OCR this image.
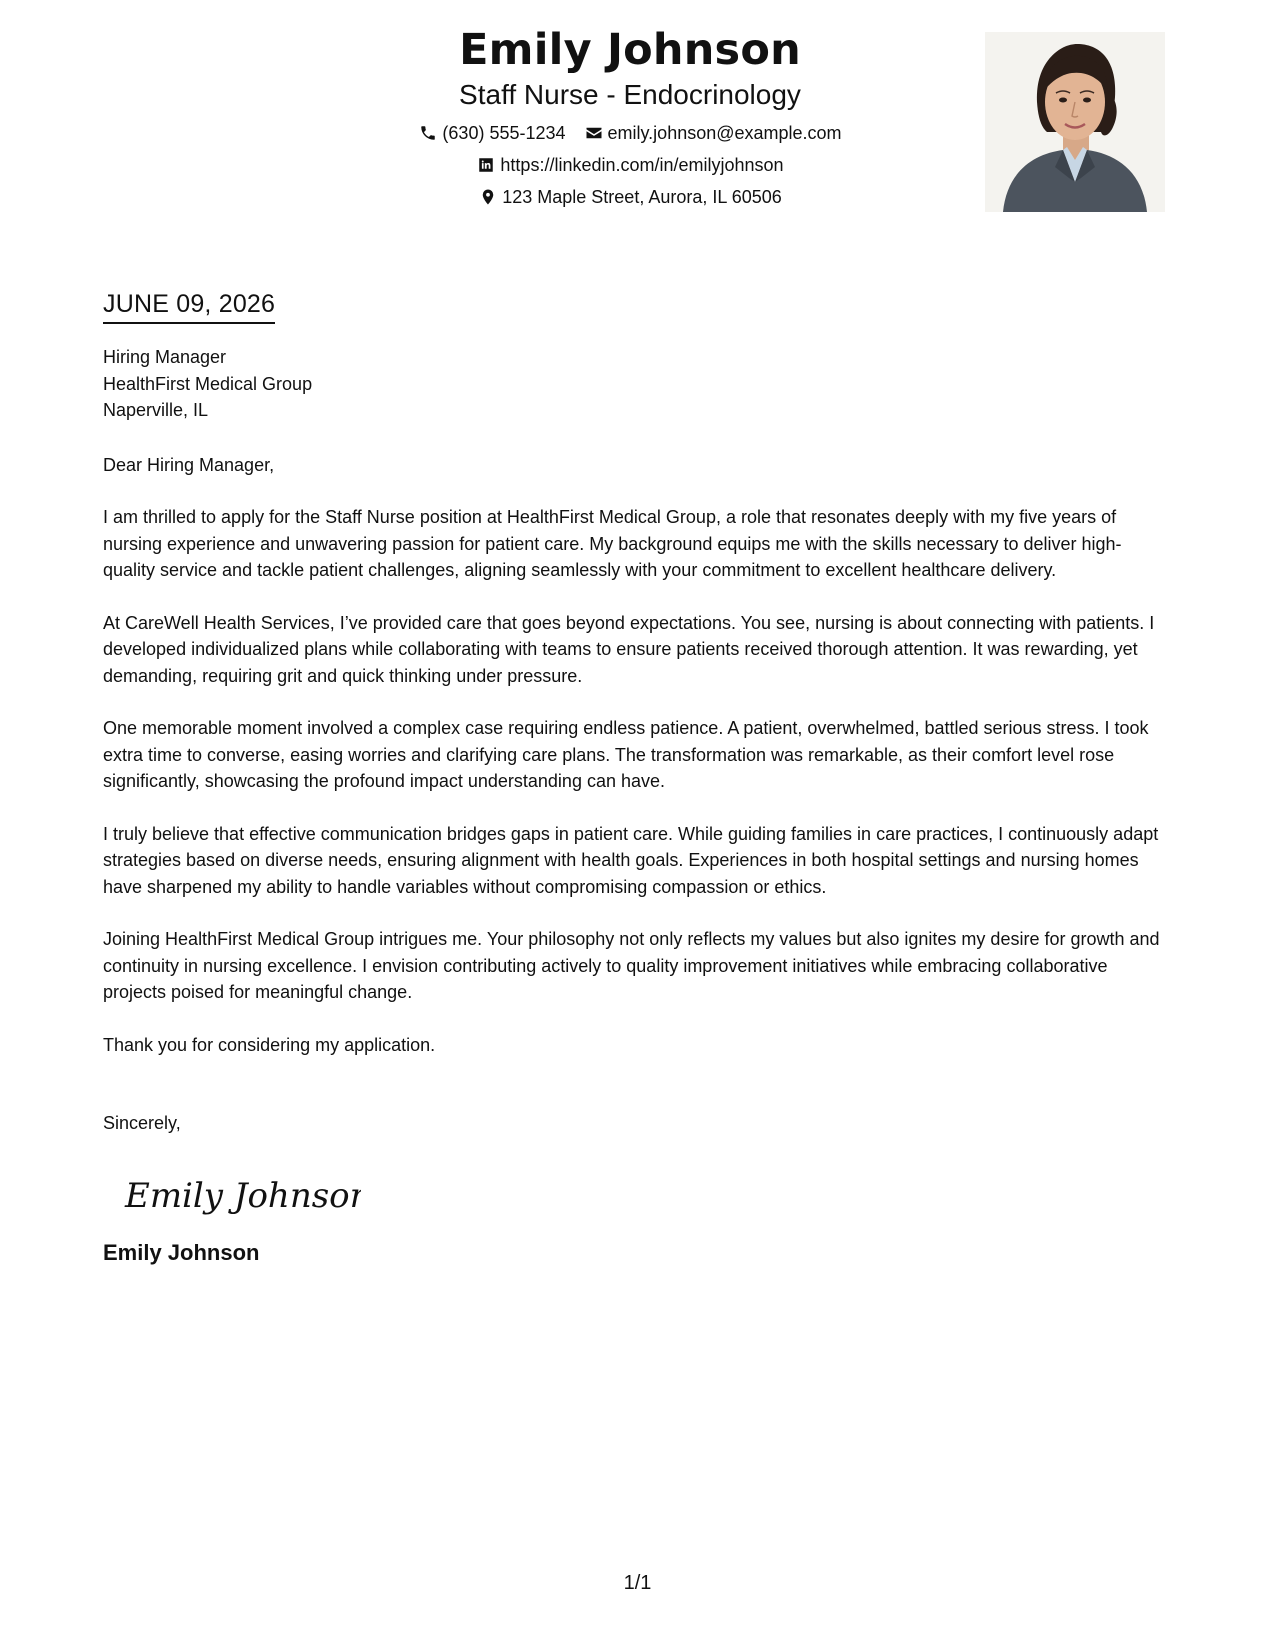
Emily Johnson
Staff Nurse - Endocrinology
(630) 555-1234 emily.johnson@example.com
https://linkedin.com/in/emilyjohnson
123 Maple Street, Aurora, IL 60506
JUNE 09, 2026
Hiring Manager
HealthFirst Medical Group
Naperville, IL
Dear Hiring Manager,
I am thrilled to apply for the Staff Nurse position at HealthFirst Medical Group, a role that resonates deeply with my five years of nursing experience and unwavering passion for patient care. My background equips me with the skills necessary to deliver high-quality service and tackle patient challenges, aligning seamlessly with your commitment to excellent healthcare delivery.
At CareWell Health Services, I’ve provided care that goes beyond expectations. You see, nursing is about connecting with patients. I developed individualized plans while collaborating with teams to ensure patients received thorough attention. It was rewarding, yet demanding, requiring grit and quick thinking under pressure.
One memorable moment involved a complex case requiring endless patience. A patient, overwhelmed, battled serious stress. I took extra time to converse, easing worries and clarifying care plans. The transformation was remarkable, as their comfort level rose significantly, showcasing the profound impact understanding can have.
I truly believe that effective communication bridges gaps in patient care. While guiding families in care practices, I continuously adapt strategies based on diverse needs, ensuring alignment with health goals. Experiences in both hospital settings and nursing homes have sharpened my ability to handle variables without compromising compassion or ethics.
Joining HealthFirst Medical Group intrigues me. Your philosophy not only reflects my values but also ignites my desire for growth and continuity in nursing excellence. I envision contributing actively to quality improvement initiatives while embracing collaborative projects poised for meaningful change.
Thank you for considering my application.
Sincerely,
Emily Johnson
Emily Johnson
1/1
